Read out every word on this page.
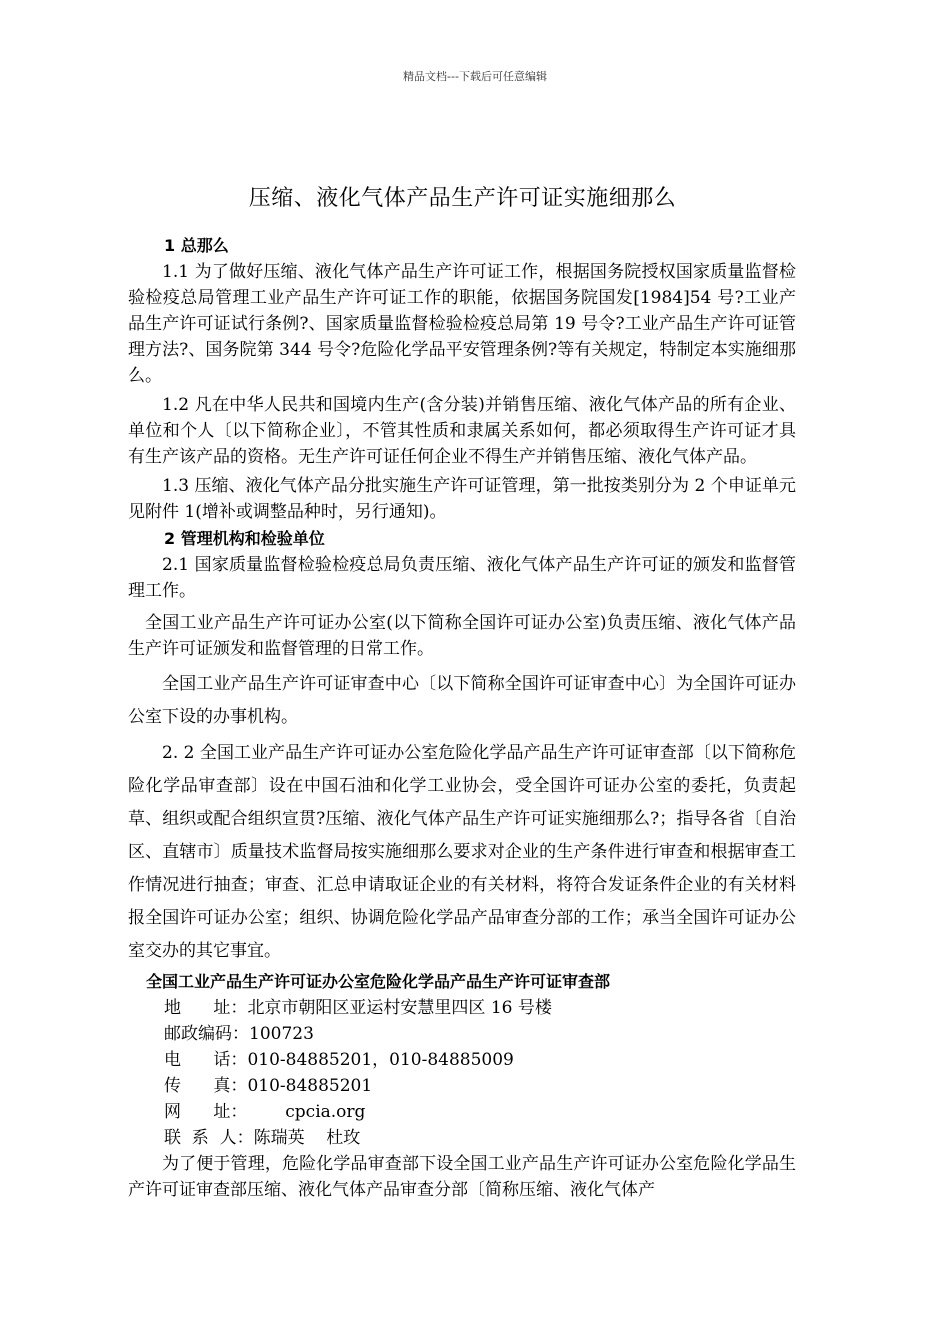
精品文档---下载后可任意编辑
压缩、液化气体产品生产许可证实施细那么
1 总那么

1.1 为了做好压缩、液化气体产品生产许可证工作，根据国务院授权国家质量监督检验检疫总局管理工业产品生产许可证工作的职能，依据国务院国发[1984]54 号?工业产品生产许可证试行条例?、国家质量监督检验检疫总局第 19 号令?工业产品生产许可证管理方法?、国务院第 344 号令?危险化学品平安管理条例?等有关规定，特制定本实施细那么。

1.2 凡在中华人民共和国境内生产(含分装)并销售压缩、液化气体产品的所有企业、单位和个人〔以下简称企业〕，不管其性质和隶属关系如何，都必须取得生产许可证才具有生产该产品的资格。无生产许可证任何企业不得生产并销售压缩、液化气体产品。

1.3 压缩、液化气体产品分批实施生产许可证管理，第一批按类别分为 2 个申证单元见附件 1(增补或调整品种时，另行通知)。

2 管理机构和检验单位

2.1 国家质量监督检验检疫总局负责压缩、液化气体产品生产许可证的颁发和监督管理工作。

全国工业产品生产许可证办公室(以下简称全国许可证办公室)负责压缩、液化气体产品生产许可证颁发和监督管理的日常工作。

全国工业产品生产许可证审查中心〔以下简称全国许可证审查中心〕为全国许可证办公室下设的办事机构。

2. 2 全国工业产品生产许可证办公室危险化学品产品生产许可证审查部〔以下简称危险化学品审查部〕设在中国石油和化学工业协会，受全国许可证办公室的委托，负责起草、组织或配合组织宣贯?压缩、液化气体产品生产许可证实施细那么?；指导各省〔自治区、直辖市〕质量技术监督局按实施细那么要求对企业的生产条件进行审查和根据审查工作情况进行抽查；审查、汇总申请取证企业的有关材料，将符合发证条件企业的有关材料报全国许可证办公室；组织、协调危险化学品产品审查分部的工作；承当全国许可证办公室交办的其它事宜。

全国工业产品生产许可证办公室危险化学品产品生产许可证审查部
地      址： 北京市朝阳区亚运村安慧里四区 16 号楼
邮政编码： 100723
电      话： 010-84885201，010-84885009
传      真： 010-84885201
网      址： cpcia.org
联  系  人： 陈瑞英    杜玫

为了便于管理，危险化学品审查部下设全国工业产品生产许可证办公室危险化学品生产许可证审查部压缩、液化气体产品审查分部〔简称压缩、液化气体产
